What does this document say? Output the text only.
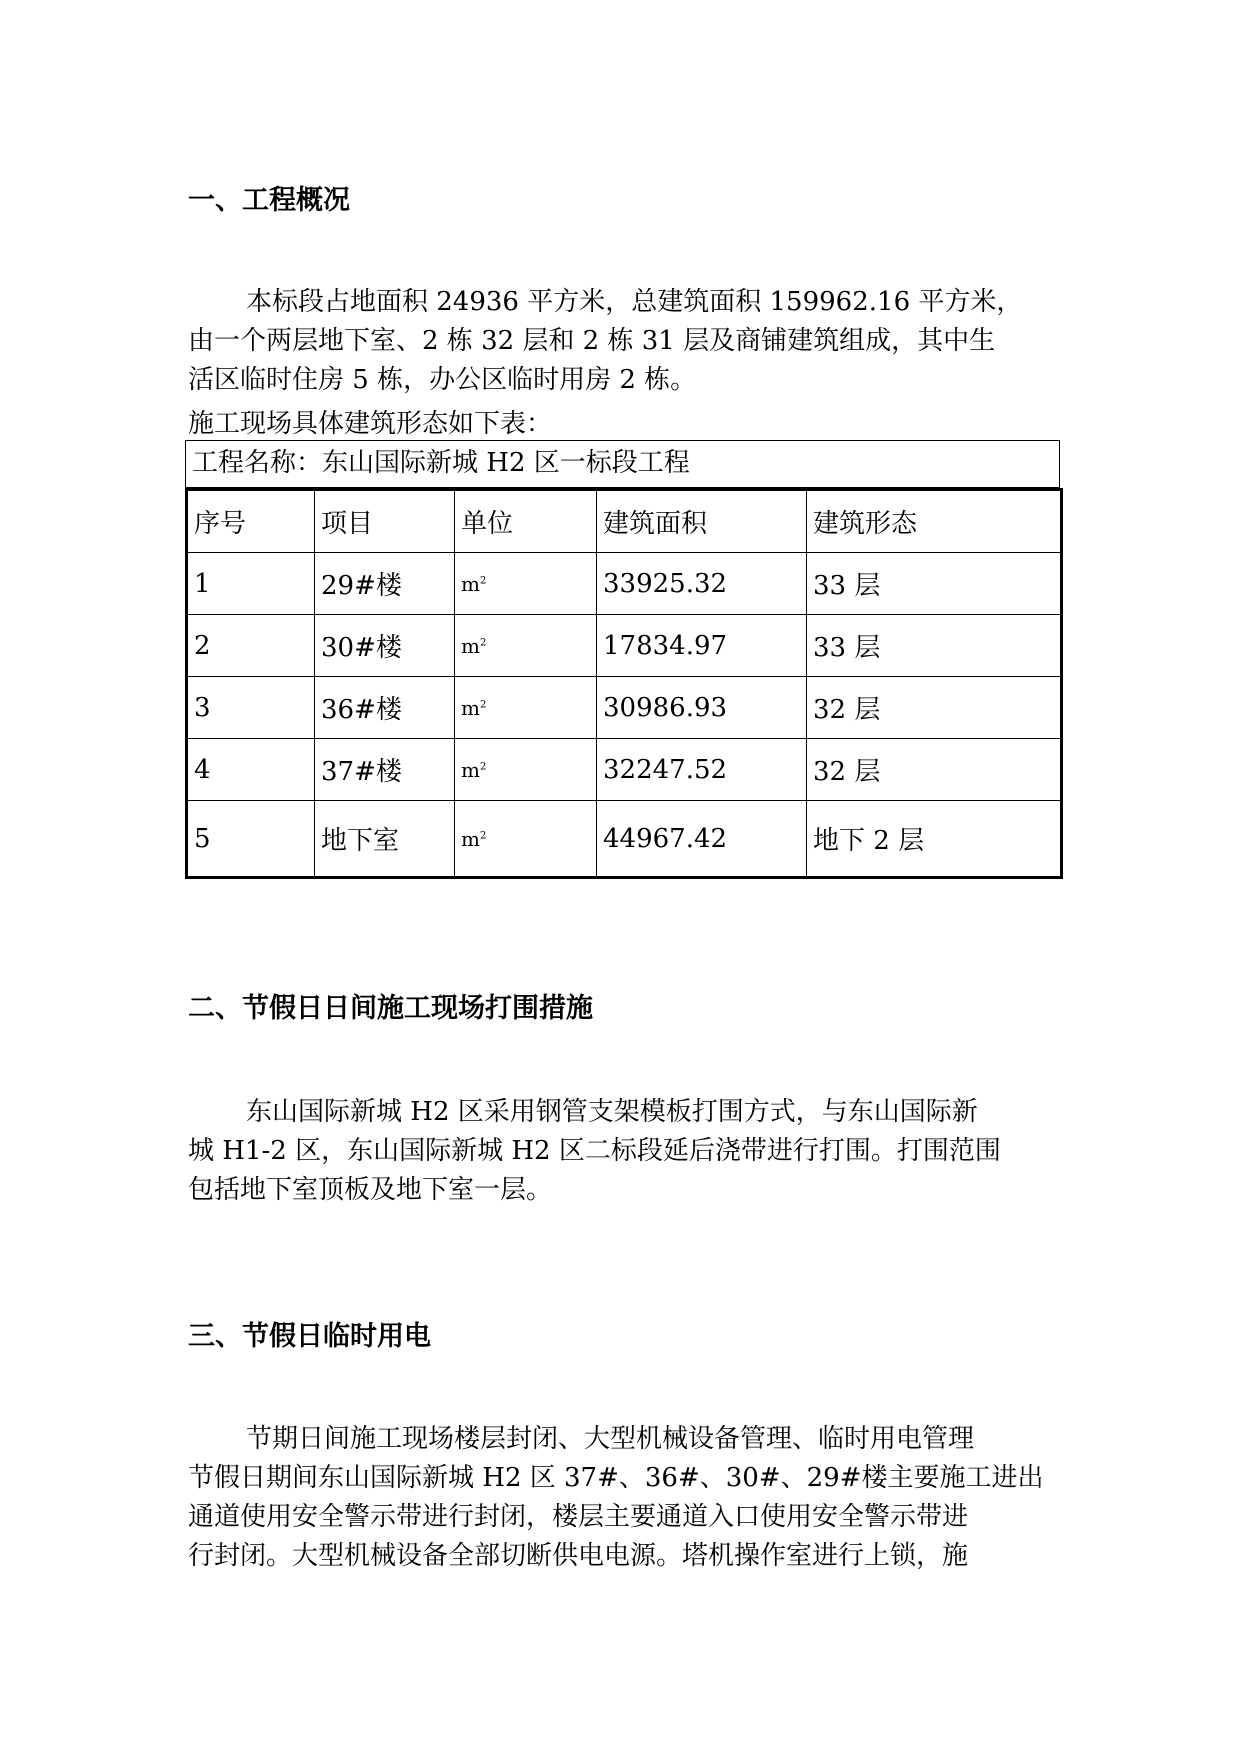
一、工程概况
本标段占地面积 24936 平方米，总建筑面积 159962.16 平方米，
由一个两层地下室、2 栋 32 层和 2 栋 31 层及商铺建筑组成，其中生
活区临时住房 5 栋，办公区临时用房 2 栋。
施工现场具体建筑形态如下表：
工程名称：东山国际新城 H2 区一标段工程
序号	项目	单位	建筑面积	建筑形态
1	29#楼	$m^2$	33925.32	33 层
2	30#楼	$m^2$	17834.97	33 层
3	36#楼	$m^2$	30986.93	32 层
4	37#楼	$m^2$	32247.52	32 层
5	地下室	$m^2$	44967.42	地下 2 层
二、节假日日间施工现场打围措施
东山国际新城 H2 区采用钢管支架模板打围方式，与东山国际新
城 H1-2 区，东山国际新城 H2 区二标段延后浇带进行打围。打围范围
包括地下室顶板及地下室一层。
三、节假日临时用电
节期日间施工现场楼层封闭、大型机械设备管理、临时用电管理
节假日期间东山国际新城 H2 区 37#、36#、30#、29#楼主要施工进出
通道使用安全警示带进行封闭，楼层主要通道入口使用安全警示带进
行封闭。大型机械设备全部切断供电电源。塔机操作室进行上锁，施
